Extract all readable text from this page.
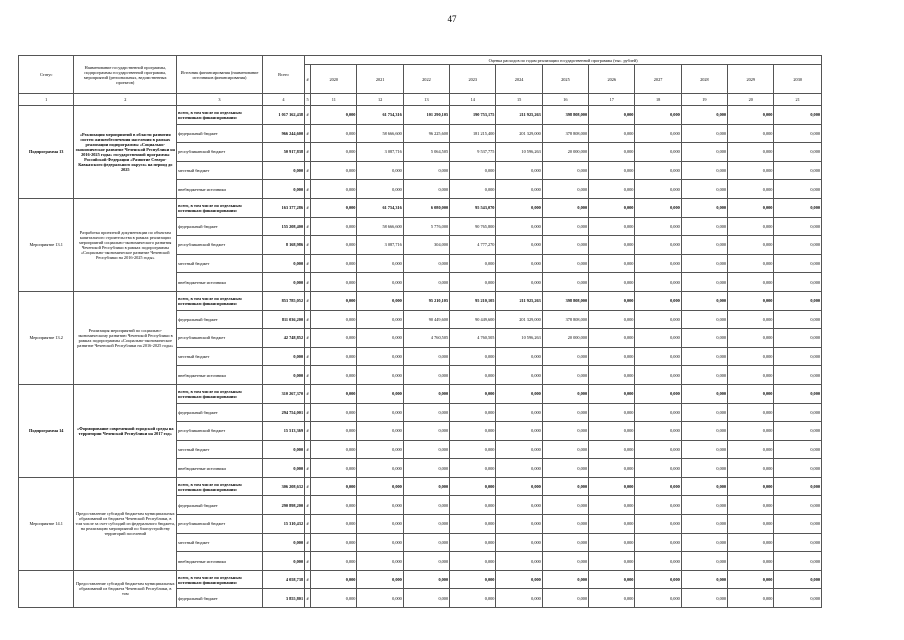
47
Статус	Наименование государственной программы, подпрограммы государственной программы, мероприятий (региональных, ведомственных проектов)	Источник финансирования (наименование источников финансирования)	Всего	Оценка расходов по годам реализации государственной программы (тыс. рублей)											
				#	2020	2021	2022	2023	2024	2025	2026	2027	2028	2029	2030
1	2	3	4	5	11	12	13	14	15	16	17	18	19	20	21
Подпрограмма 13	«Реализация мероприятий в области развития систем жизнеобеспечения населения в рамках реализации подпрограммы «Социально-экономическое развитие Чеченской Республики на 2016-2025 годы» государственной программы Российской Федерации «Развитие Северо-Кавказского федерального округа» на период до 2025	всего, в том числе по отдельным источникам финансирования:	1 017 162,438	#	0,000	61 754,316	101 290,105	190 753,175	211 925,263	398 808,000	0,000	0,000	0,000	0,000	0,000
		федеральный бюджет	966 244,600	#	0,000	58 666,600	96 225,600	181 215,400	201 329,000	378 808,000	0,000	0,000	0,000	0,000	0,000
		республиканский бюджет	50 917,838	#	0,000	3 087,716	5 064,505	9 537,775	10 596,263	20 000,000	0,000	0,000	0,000	0,000	0,000
		местный бюджет	0,000	#	0,000	0,000	0,000	0,000	0,000	0,000	0,000	0,000	0,000	0,000	0,000
		внебюджетные источники	0,000	#	0,000	0,000	0,000	0,000	0,000	0,000	0,000	0,000	0,000	0,000	0,000
Мероприятие 13.1	Разработка проектной документации по объектам капитального строительства в рамках реализации мероприятий социально-экономического развития Чеченской Республики в рамках подпрограммы «Социально-экономическое развитие Чеченской Республики на 2016-2025 годы»	всего, в том числе по отдельным источникам финансирования:	163 377,286	#	0,000	61 754,316	6 080,000	95 543,070	0,000	0,000	0,000	0,000	0,000	0,000	0,000
		федеральный бюджет	155 208,400	#	0,000	58 666,600	5 776,000	90 765,800	0,000	0,000	0,000	0,000	0,000	0,000	0,000
		республиканский бюджет	8 168,986	#	0,000	3 087,716	304,000	4 777,270	0,000	0,000	0,000	0,000	0,000	0,000	0,000
		местный бюджет	0,000	#	0,000	0,000	0,000	0,000	0,000	0,000	0,000	0,000	0,000	0,000	0,000
		внебюджетные источники	0,000	#	0,000	0,000	0,000	0,000	0,000	0,000	0,000	0,000	0,000	0,000	0,000
Мероприятие 13.2	Реализация мероприятий по социально-экономическому развитию Чеченской Республики в рамках подпрограммы «Социально-экономическое развитие Чеченской Республики на 2016-2025 годы»	всего, в том числе по отдельным источникам финансирования:	853 785,052	#	0,000	0,000	95 210,105	95 210,105	211 925,263	398 808,000	0,000	0,000	0,000	0,000	0,000
		федеральный бюджет	811 036,200	#	0,000	0,000	90 449,600	90 449,600	201 329,000	378 808,000	0,000	0,000	0,000	0,000	0,000
		республиканский бюджет	42 748,852	#	0,000	0,000	4 760,505	4 760,505	10 596,263	20 000,000	0,000	0,000	0,000	0,000	0,000
		местный бюджет	0,000	#	0,000	0,000	0,000	0,000	0,000	0,000	0,000	0,000	0,000	0,000	0,000
		внебюджетные источники	0,000	#	0,000	0,000	0,000	0,000	0,000	0,000	0,000	0,000	0,000	0,000	0,000
Подпрограмма 14	«Формирование современной городской среды на территории Чеченской Республики на 2017 год»	всего, в том числе по отдельным источникам финансирования:	310 267,370	#	0,000	0,000	0,000	0,000	0,000	0,000	0,000	0,000	0,000	0,000	0,000
		федеральный бюджет	294 754,001	#	0,000	0,000	0,000	0,000	0,000	0,000	0,000	0,000	0,000	0,000	0,000
		республиканский бюджет	15 513,369	#	0,000	0,000	0,000	0,000	0,000	0,000	0,000	0,000	0,000	0,000	0,000
		местный бюджет	0,000	#	0,000	0,000	0,000	0,000	0,000	0,000	0,000	0,000	0,000	0,000	0,000
		внебюджетные источники	0,000	#	0,000	0,000	0,000	0,000	0,000	0,000	0,000	0,000	0,000	0,000	0,000
Мероприятие 14.1	Предоставление субсидий бюджетам муниципальных образований из бюджета Чеченской Республики, в том числе за счет субсидий из федерального бюджета, на реализацию мероприятий по благоустройству территорий поселений	всего, в том числе по отдельным источникам финансирования:	306 208,632	#	0,000	0,000	0,000	0,000	0,000	0,000	0,000	0,000	0,000	0,000	0,000
		федеральный бюджет	290 898,200	#	0,000	0,000	0,000	0,000	0,000	0,000	0,000	0,000	0,000	0,000	0,000
		республиканский бюджет	15 310,432	#	0,000	0,000	0,000	0,000	0,000	0,000	0,000	0,000	0,000	0,000	0,000
		местный бюджет	0,000	#	0,000	0,000	0,000	0,000	0,000	0,000	0,000	0,000	0,000	0,000	0,000
		внебюджетные источники	0,000	#	0,000	0,000	0,000	0,000	0,000	0,000	0,000	0,000	0,000	0,000	0,000
	Предоставление субсидий бюджетам муниципальных образований из бюджета Чеченской Республики, в том	всего, в том числе по отдельным источникам финансирования:	4 058,738	#	0,000	0,000	0,000	0,000	0,000	0,000	0,000	0,000	0,000	0,000	0,000
		федеральный бюджет	3 855,801	#	0,000	0,000	0,000	0,000	0,000	0,000	0,000	0,000	0,000	0,000	0,000
